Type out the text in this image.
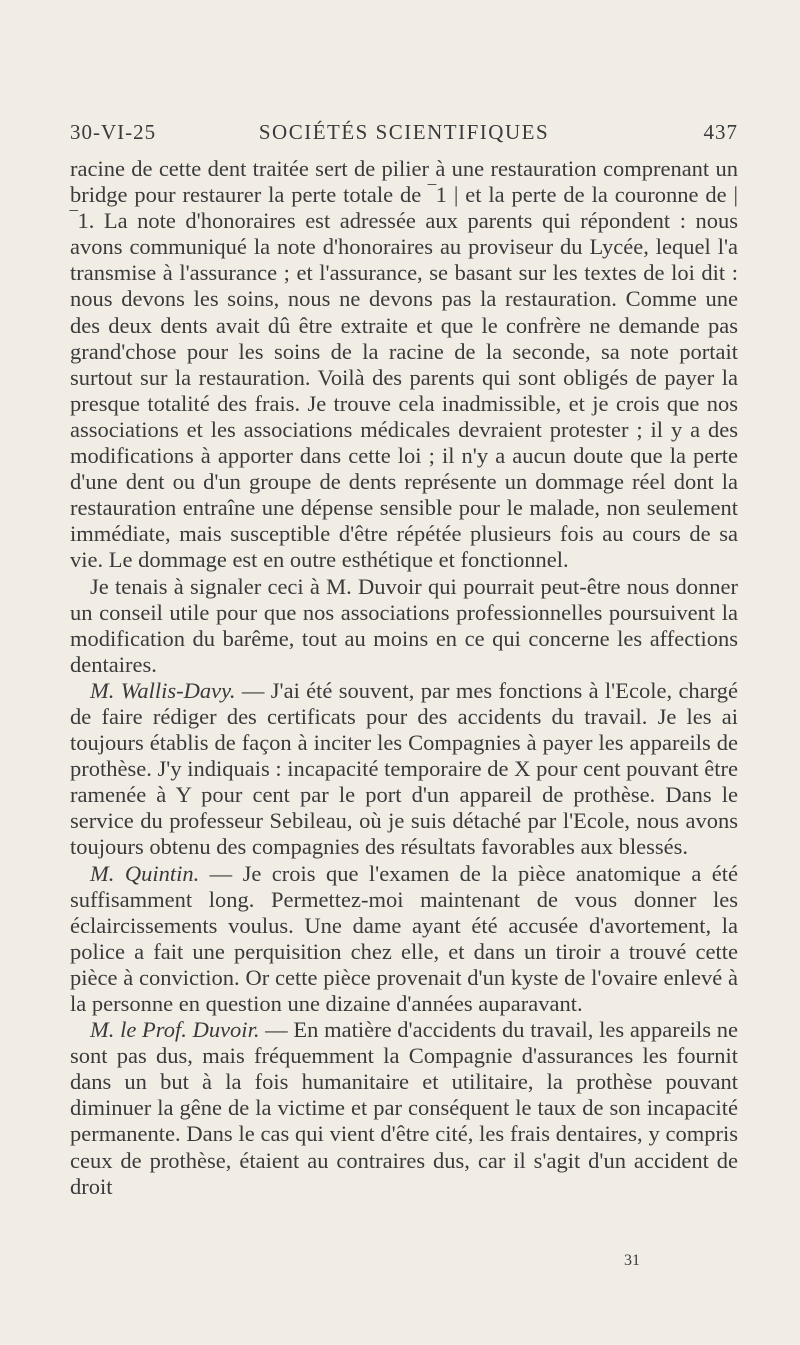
30-VI-25	SOCIÉTÉS SCIENTIFIQUES	437

racine de cette dent traitée sert de pilier à une restauration comprenant un bridge pour restaurer la perte totale de ‾1 | et la perte de la couronne de |‾1. La note d'honoraires est adressée aux parents qui répondent : nous avons communiqué la note d'honoraires au proviseur du Lycée, lequel l'a transmise à l'assurance ; et l'assurance, se basant sur les textes de loi dit : nous devons les soins, nous ne devons pas la restauration. Comme une des deux dents avait dû être extraite et que le confrère ne demande pas grand'chose pour les soins de la racine de la seconde, sa note portait surtout sur la restauration. Voilà des parents qui sont obligés de payer la presque totalité des frais. Je trouve cela inadmissible, et je crois que nos associations et les associations médicales devraient protester ; il y a des modifications à apporter dans cette loi ; il n'y a aucun doute que la perte d'une dent ou d'un groupe de dents représente un dommage réel dont la restauration entraîne une dépense sensible pour le malade, non seulement immédiate, mais susceptible d'être répétée plusieurs fois au cours de sa vie. Le dommage est en outre esthétique et fonctionnel.

Je tenais à signaler ceci à M. Duvoir qui pourrait peut-être nous donner un conseil utile pour que nos associations professionnelles poursuivent la modification du barême, tout au moins en ce qui concerne les affections dentaires.

M. Wallis-Davy. — J'ai été souvent, par mes fonctions à l'Ecole, chargé de faire rédiger des certificats pour des accidents du travail. Je les ai toujours établis de façon à inciter les Compagnies à payer les appareils de prothèse. J'y indiquais : incapacité temporaire de X pour cent pouvant être ramenée à Y pour cent par le port d'un appareil de prothèse. Dans le service du professeur Sebileau, où je suis détaché par l'Ecole, nous avons toujours obtenu des compagnies des résultats favorables aux blessés.

M. Quintin. — Je crois que l'examen de la pièce anatomique a été suffisamment long. Permettez-moi maintenant de vous donner les éclaircissements voulus. Une dame ayant été accusée d'avortement, la police a fait une perquisition chez elle, et dans un tiroir a trouvé cette pièce à conviction. Or cette pièce provenait d'un kyste de l'ovaire enlevé à la personne en question une dizaine d'années auparavant.

M. le Prof. Duvoir. — En matière d'accidents du travail, les appareils ne sont pas dus, mais fréquemment la Compagnie d'assurances les fournit dans un but à la fois humanitaire et utilitaire, la prothèse pouvant diminuer la gêne de la victime et par conséquent le taux de son incapacité permanente. Dans le cas qui vient d'être cité, les frais dentaires, y compris ceux de prothèse, étaient au contraires dus, car il s'agit d'un accident de droit

31
